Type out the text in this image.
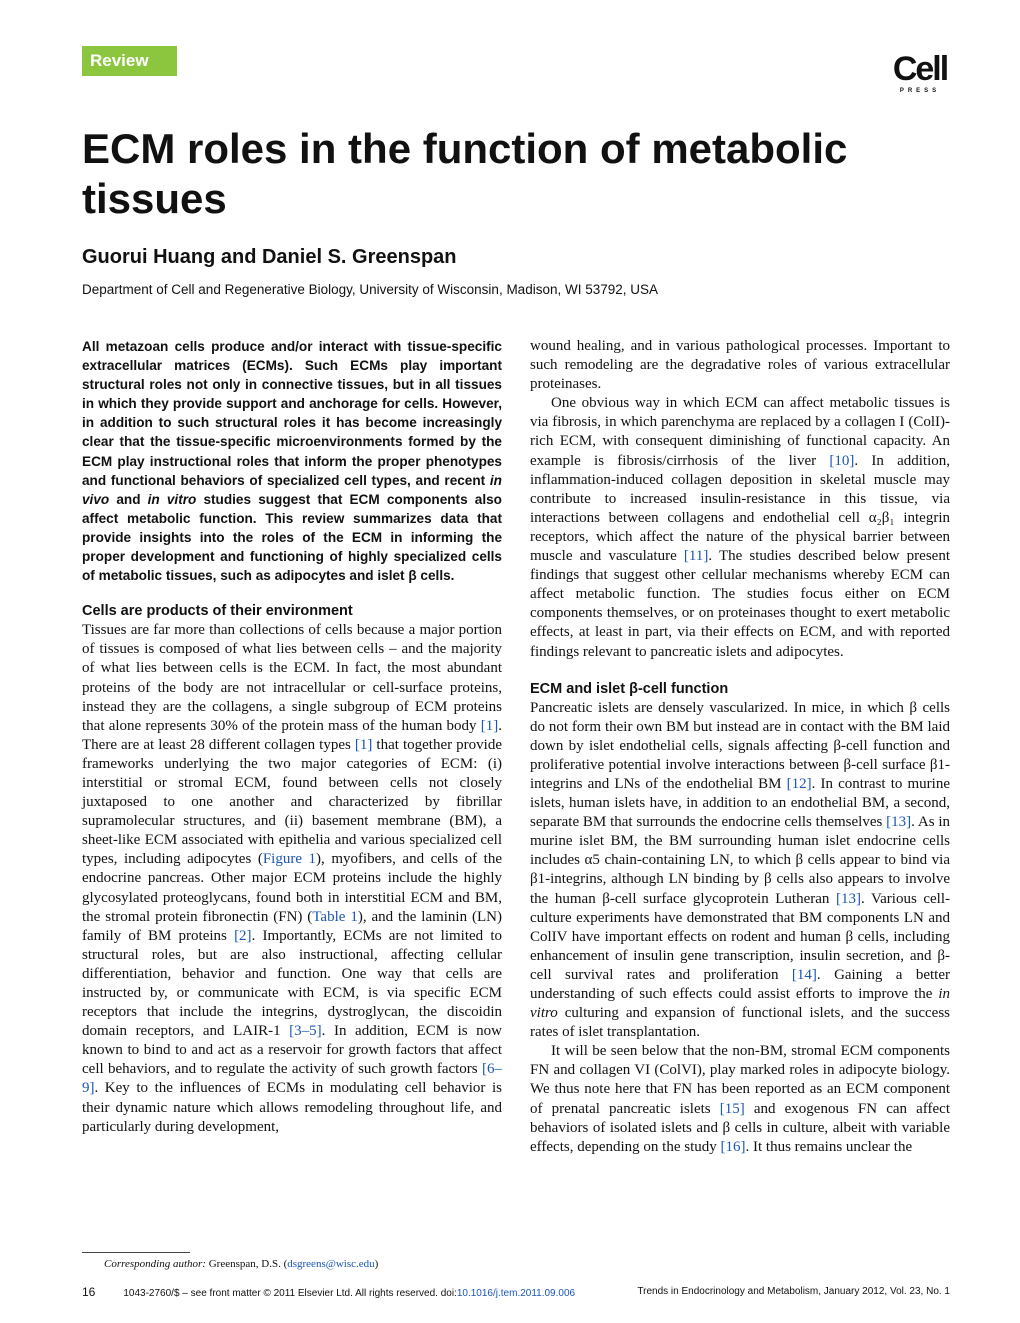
Review	Cell
PRESS
ECM roles in the function of metabolic tissues
Guorui Huang and Daniel S. Greenspan
Department of Cell and Regenerative Biology, University of Wisconsin, Madison, WI 53792, USA

All metazoan cells produce and/or interact with tissue-specific extracellular matrices (ECMs). Such ECMs play important structural roles not only in connective tissues, but in all tissues in which they provide support and anchorage for cells. However, in addition to such structural roles it has become increasingly clear that the tissue-specific microenvironments formed by the ECM play instructional roles that inform the proper phenotypes and functional behaviors of specialized cell types, and recent in vivo and in vitro studies suggest that ECM components also affect metabolic function. This review summarizes data that provide insights into the roles of the ECM in informing the proper development and functioning of highly specialized cells of metabolic tissues, such as adipocytes and islet β cells.

Cells are products of their environment

Tissues are far more than collections of cells because a major portion of tissues is composed of what lies between cells – and the majority of what lies between cells is the ECM. In fact, the most abundant proteins of the body are not intracellular or cell-surface proteins, instead they are the collagens, a single subgroup of ECM proteins that alone represents 30% of the protein mass of the human body [1]. There are at least 28 different collagen types [1] that together provide frameworks underlying the two major categories of ECM: (i) interstitial or stromal ECM, found between cells not closely juxtaposed to one another and characterized by fibrillar supramolecular structures, and (ii) basement membrane (BM), a sheet-like ECM associated with epithelia and various specialized cell types, including adipocytes (Figure 1), myofibers, and cells of the endocrine pancreas. Other major ECM proteins include the highly glycosylated proteoglycans, found both in interstitial ECM and BM, the stromal protein fibronectin (FN) (Table 1), and the laminin (LN) family of BM proteins [2]. Importantly, ECMs are not limited to structural roles, but are also instructional, affecting cellular differentiation, behavior and function. One way that cells are instructed by, or communicate with ECM, is via specific ECM receptors that include the integrins, dystroglycan, the discoidin domain receptors, and LAIR-1 [3–5]. In addition, ECM is now known to bind to and act as a reservoir for growth factors that affect cell behaviors, and to regulate the activity of such growth factors [6–9]. Key to the influences of ECMs in modulating cell behavior is their dynamic nature which allows remodeling throughout life, and particularly during development,

wound healing, and in various pathological processes. Important to such remodeling are the degradative roles of various extracellular proteinases.

One obvious way in which ECM can affect metabolic tissues is via fibrosis, in which parenchyma are replaced by a collagen I (ColI)-rich ECM, with consequent diminishing of functional capacity. An example is fibrosis/cirrhosis of the liver [10]. In addition, inflammation-induced collagen deposition in skeletal muscle may contribute to increased insulin-resistance in this tissue, via interactions between collagens and endothelial cell α₂β₁ integrin receptors, which affect the nature of the physical barrier between muscle and vasculature [11]. The studies described below present findings that suggest other cellular mechanisms whereby ECM can affect metabolic function. The studies focus either on ECM components themselves, or on proteinases thought to exert metabolic effects, at least in part, via their effects on ECM, and with reported findings relevant to pancreatic islets and adipocytes.

ECM and islet β-cell function

Pancreatic islets are densely vascularized. In mice, in which β cells do not form their own BM but instead are in contact with the BM laid down by islet endothelial cells, signals affecting β-cell function and proliferative potential involve interactions between β-cell surface β1-integrins and LNs of the endothelial BM [12]. In contrast to murine islets, human islets have, in addition to an endothelial BM, a second, separate BM that surrounds the endocrine cells themselves [13]. As in murine islet BM, the BM surrounding human islet endocrine cells includes α5 chain-containing LN, to which β cells appear to bind via β1-integrins, although LN binding by β cells also appears to involve the human β-cell surface glycoprotein Lutheran [13]. Various cell-culture experiments have demonstrated that BM components LN and ColIV have important effects on rodent and human β cells, including enhancement of insulin gene transcription, insulin secretion, and β-cell survival rates and proliferation [14]. Gaining a better understanding of such effects could assist efforts to improve the in vitro culturing and expansion of functional islets, and the success rates of islet transplantation.

It will be seen below that the non-BM, stromal ECM components FN and collagen VI (ColVI), play marked roles in adipocyte biology. We thus note here that FN has been reported as an ECM component of prenatal pancreatic islets [15] and exogenous FN can affect behaviors of isolated islets and β cells in culture, albeit with variable effects, depending on the study [16]. It thus remains unclear the

Corresponding author: Greenspan, D.S. (dsgreens@wisc.edu)
16	1043-2760/$ – see front matter © 2011 Elsevier Ltd. All rights reserved. doi:10.1016/j.tem.2011.09.006	Trends in Endocrinology and Metabolism, January 2012, Vol. 23, No. 1
